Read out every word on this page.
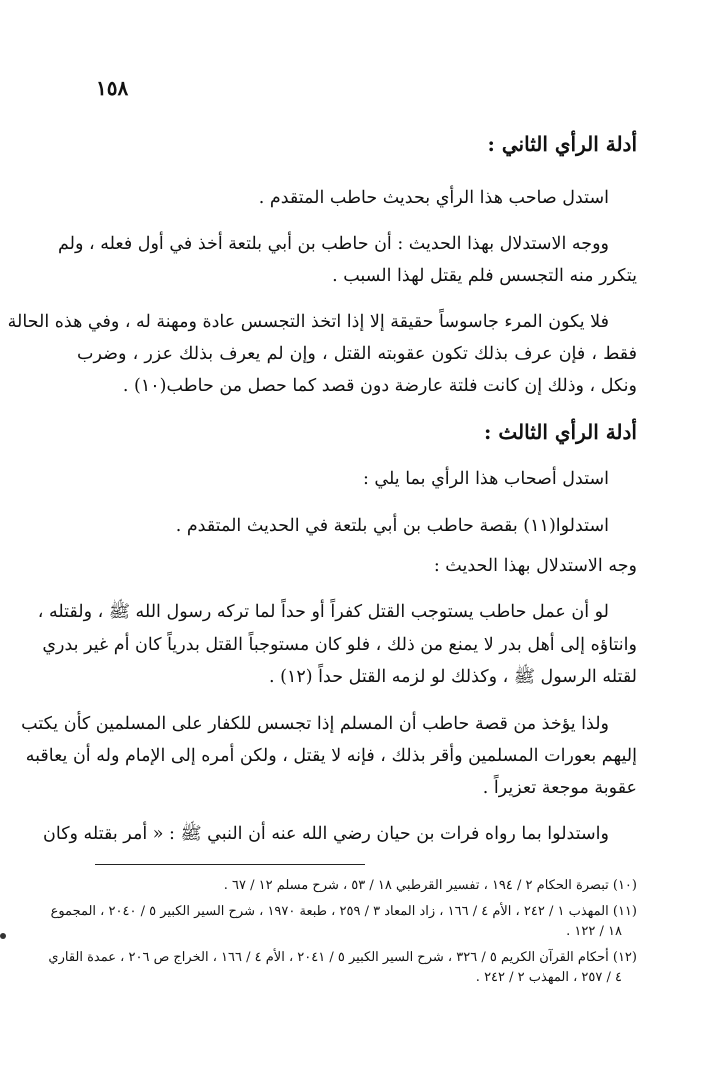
١٥٨
أدلة الرأي الثاني :
استدل صاحب هذا الرأي بحديث حاطب المتقدم .
ووجه الاستدلال بهذا الحديث : أن حاطب بن أبي بلتعة أخذ في أول فعله ، ولم
يتكرر منه التجسس فلم يقتل لهذا السبب .
فلا يكون المرء جاسوساً حقيقة إلا إذا اتخذ التجسس عادة ومهنة له ، وفي هذه الحالة
فقط ، فإن عرف بذلك تكون عقوبته القتل ، وإن لم يعرف بذلك عزر ، وضرب
ونكل ، وذلك إن كانت فلتة عارضة دون قصد كما حصل من حاطب(١٠) .
أدلة الرأي الثالث :
استدل أصحاب هذا الرأي بما يلي :
استدلوا(١١) بقصة حاطب بن أبي بلتعة في الحديث المتقدم .
وجه الاستدلال بهذا الحديث :
لو أن عمل حاطب يستوجب القتل كفراً أو حداً لما تركه رسول الله ﷺ ، ولقتله ،
وانتاؤه إلى أهل بدر لا يمنع من ذلك ، فلو كان مستوجباً القتل بدرياً كان أم غير بدري
لقتله الرسول ﷺ ، وكذلك لو لزمه القتل حداً (١٢) .
ولذا يؤخذ من قصة حاطب أن المسلم إذا تجسس للكفار على المسلمين كأن يكتب
إليهم بعورات المسلمين وأقر بذلك ، فإنه لا يقتل ، ولكن أمره إلى الإمام وله أن يعاقبه
عقوبة موجعة تعزيراً .
واستدلوا بما رواه فرات بن حيان رضي الله عنه أن النبي ﷺ : « أمر بقتله وكان
(١٠) تبصرة الحكام ٢ / ١٩٤ ، تفسير القرطبي ١٨ / ٥٣ ، شرح مسلم ١٢ / ٦٧ .
(١١) المهذب ١ / ٢٤٢ ، الأم ٤ / ١٦٦ ، زاد المعاد ٣ / ٢٥٩ ، طبعة ١٩٧٠ ، شرح السير الكبير ٥ / ٢٠٤٠ ، المجموع
١٨ / ١٢٢ .
(١٢) أحكام القرآن الكريم ٥ / ٣٢٦ ، شرح السير الكبير ٥ / ٢٠٤١ ، الأم ٤ / ١٦٦ ، الخراج ص ٢٠٦ ، عمدة القاري
٤ / ٢٥٧ ، المهذب ٢ / ٢٤٢ .
